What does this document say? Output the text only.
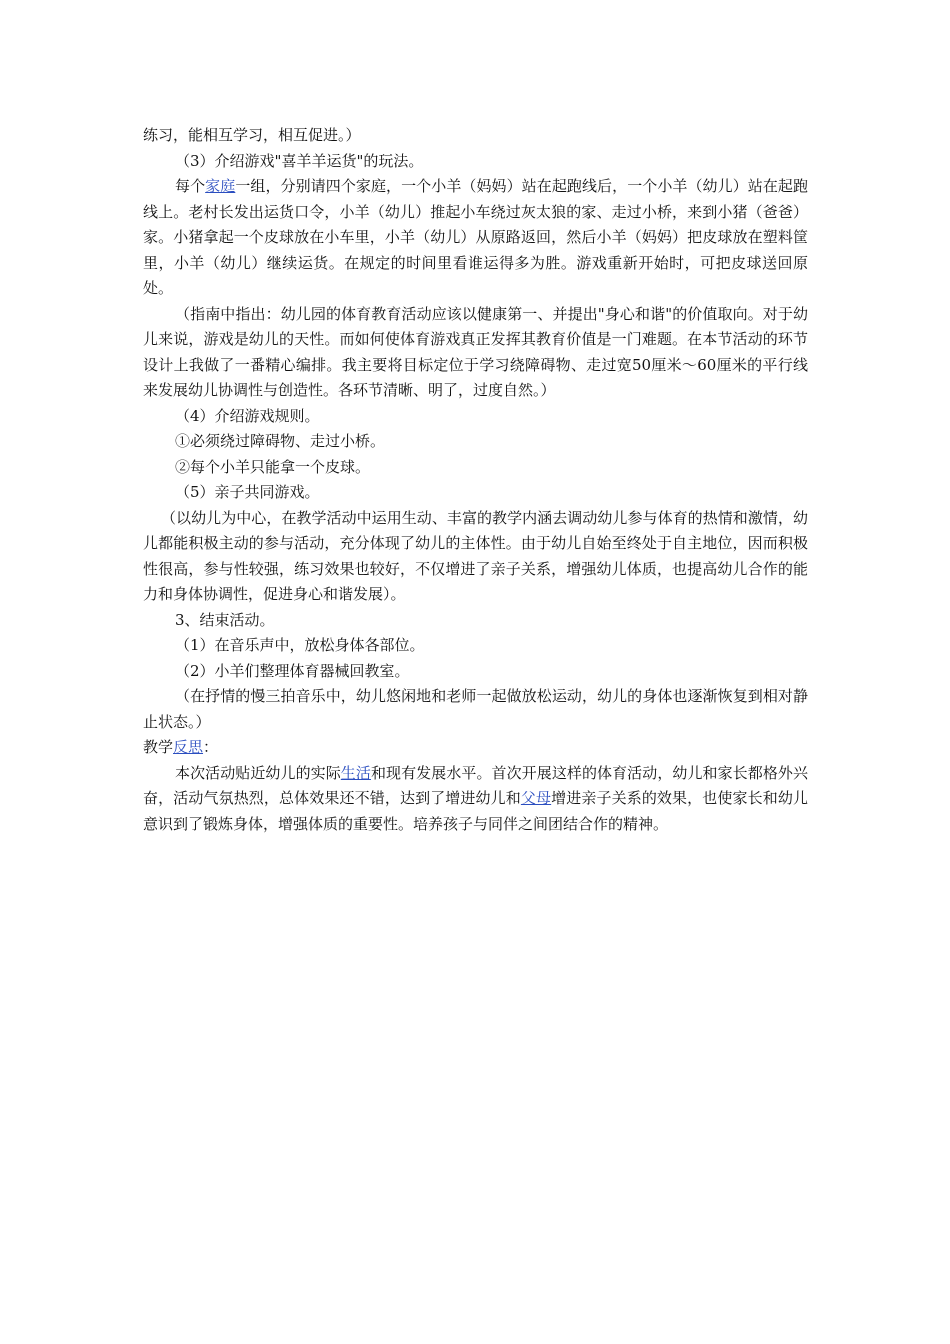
练习，能相互学习，相互促进。）

（3）介绍游戏"喜羊羊运货"的玩法。

每个家庭一组，分别请四个家庭，一个小羊（妈妈）站在起跑线后，一个小羊（幼儿）站在起跑线上。老村长发出运货口令，小羊（幼儿）推起小车绕过灰太狼的家、走过小桥，来到小猪（爸爸）家。小猪拿起一个皮球放在小车里，小羊（幼儿）从原路返回，然后小羊（妈妈）把皮球放在塑料筐里，小羊（幼儿）继续运货。在规定的时间里看谁运得多为胜。游戏重新开始时，可把皮球送回原处。

（指南中指出：幼儿园的体育教育活动应该以健康第一、并提出"身心和谐"的价值取向。对于幼儿来说，游戏是幼儿的天性。而如何使体育游戏真正发挥其教育价值是一门难题。在本节活动的环节设计上我做了一番精心编排。我主要将目标定位于学习绕障碍物、走过宽50厘米～60厘米的平行线来发展幼儿协调性与创造性。各环节清晰、明了，过度自然。）

（4）介绍游戏规则。

①必须绕过障碍物、走过小桥。

②每个小羊只能拿一个皮球。

（5）亲子共同游戏。

（以幼儿为中心，在教学活动中运用生动、丰富的教学内涵去调动幼儿参与体育的热情和激情，幼儿都能积极主动的参与活动，充分体现了幼儿的主体性。由于幼儿自始至终处于自主地位，因而积极性很高，参与性较强，练习效果也较好，不仅增进了亲子关系，增强幼儿体质，也提高幼儿合作的能力和身体协调性，促进身心和谐发展）。

3、结束活动。

（1）在音乐声中，放松身体各部位。

（2）小羊们整理体育器械回教室。

（在抒情的慢三拍音乐中，幼儿悠闲地和老师一起做放松运动，幼儿的身体也逐渐恢复到相对静止状态。）

教学反思：

本次活动贴近幼儿的实际生活和现有发展水平。首次开展这样的体育活动，幼儿和家长都格外兴奋，活动气氛热烈，总体效果还不错，达到了增进幼儿和父母增进亲子关系的效果，也使家长和幼儿意识到了锻炼身体，增强体质的重要性。培养孩子与同伴之间团结合作的精神。
